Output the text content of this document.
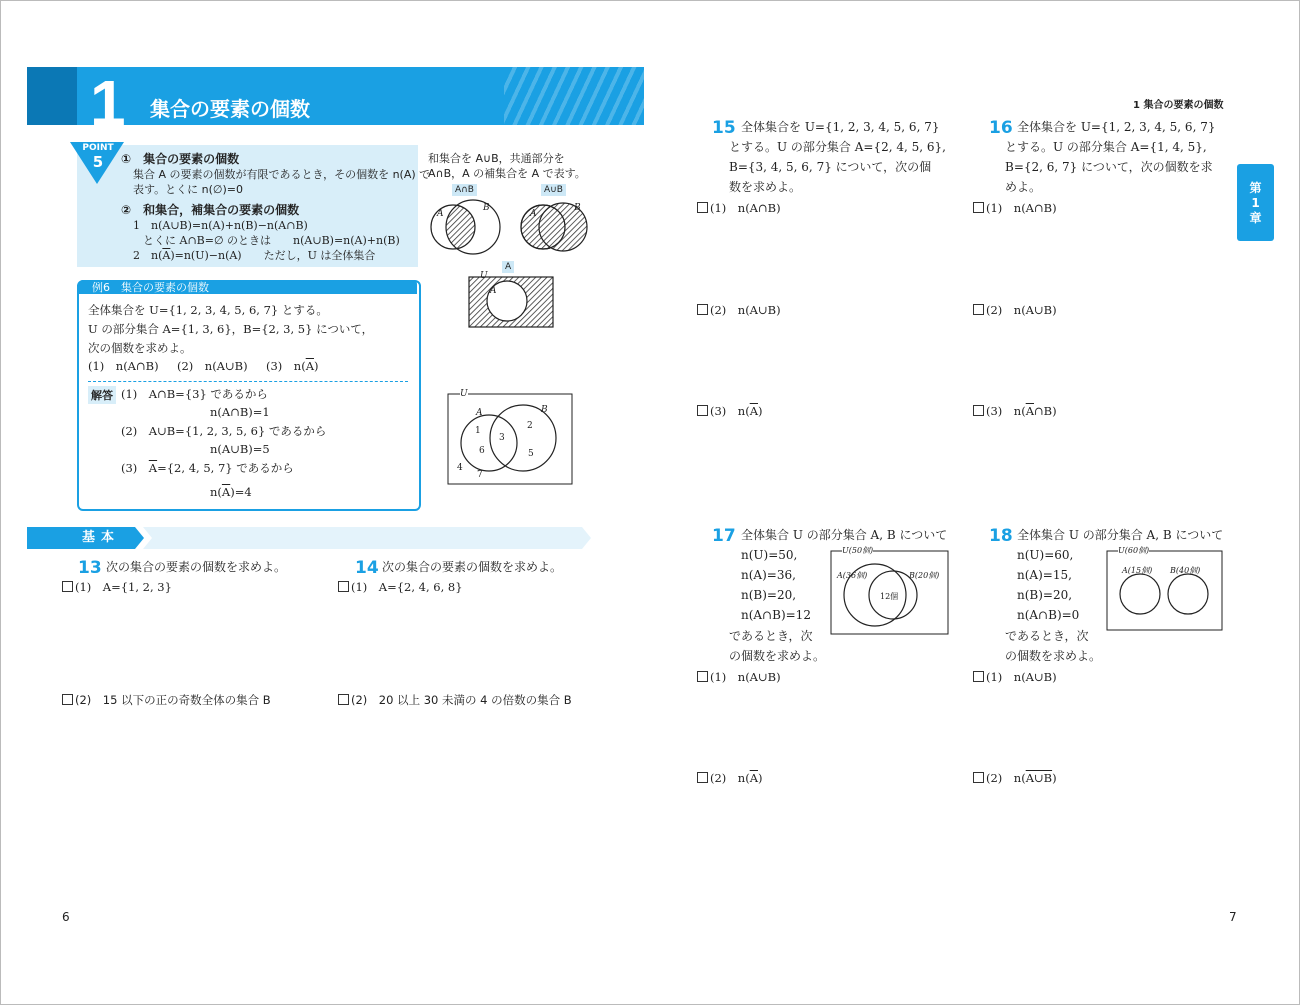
1 集合の要素の個数
POINT
5	①　集合の要素の個数
集合 A の要素の個数が有限であるとき，その個数を n(A) で
表す。とくに n(∅)=0
②　和集合，補集合の要素の個数
1　n(A∪B)=n(A)+n(B)−n(A∩B)
とくに A∩B=∅ のときは　　n(A∪B)=n(A)+n(B)
2　$n(\overline{A})=n(U)-n(A)$　　ただし，U は全体集合
和集合を A∪B，共通部分を
A∩B，A の補集合を A で表す。
A∩B	A∪B
A
A
B
A
B
U
A
例6　集合の要素の個数
全体集合を U={1, 2, 3, 4, 5, 6, 7} とする。
U の部分集合 A={1, 3, 6}，B={2, 3, 5} について，
次の個数を求めよ。
(1)　n(A∩B) (2)　n(A∪B) (3)　$n(\overline{A})$
解答 (1)　A∩B={3} であるから
n(A∩B)=1
(2)　A∪B={1, 2, 3, 5, 6} であるから
n(A∪B)=5
(3)　 $\overline{A}=\{2$, 4, 5, 7} であるから
$n(\overline{A})=4$
U
A	B
1	2
3
4
5
6
7
基本
13 次の集合の要素の個数を求めよ。
(1)　A={1, 2, 3}
(2)　15 以下の正の奇数全体の集合 B
14 次の集合の要素の個数を求めよ。
(1)　A={2, 4, 6, 8}
(2)　20 以上 30 未満の 4 の倍数の集合 B
6
1 集合の要素の個数
第
1
章
15 全体集合を U={1, 2, 3, 4, 5, 6, 7}
とする。U の部分集合 A={2, 4, 5, 6},
B={3, 4, 5, 6, 7} について，次の個
数を求めよ。
(1)　n(A∩B)
(2)　n(A∪B)
(3)　$n(\overline{A})$
16 全体集合を U={1, 2, 3, 4, 5, 6, 7}
とする。U の部分集合 A={1, 4, 5},
B={2, 6, 7} について，次の個数を求
めよ。
(1)　n(A∩B)
(2)　n(A∪B)
(3)　$n(\overline{A}\cap B)$
17 全体集合 U の部分集合 A, B について
n(U)=50,
n(A)=36,
n(B)=20,
n(A∩B)=12
であるとき，次
の個数を求めよ。
(1)　n(A∪B)
(2)　$n(\overline{A})$
U(50個)
A(36個)	B(20個)
12個
18 全体集合 U の部分集合 A, B について
n(U)=60,
n(A)=15,
n(B)=20,
n(A∩B)=0
であるとき，次
の個数を求めよ。
(1)　n(A∪B)
(2)　n(A∪B)
U(60個)
A(15個) B(40個)
7
